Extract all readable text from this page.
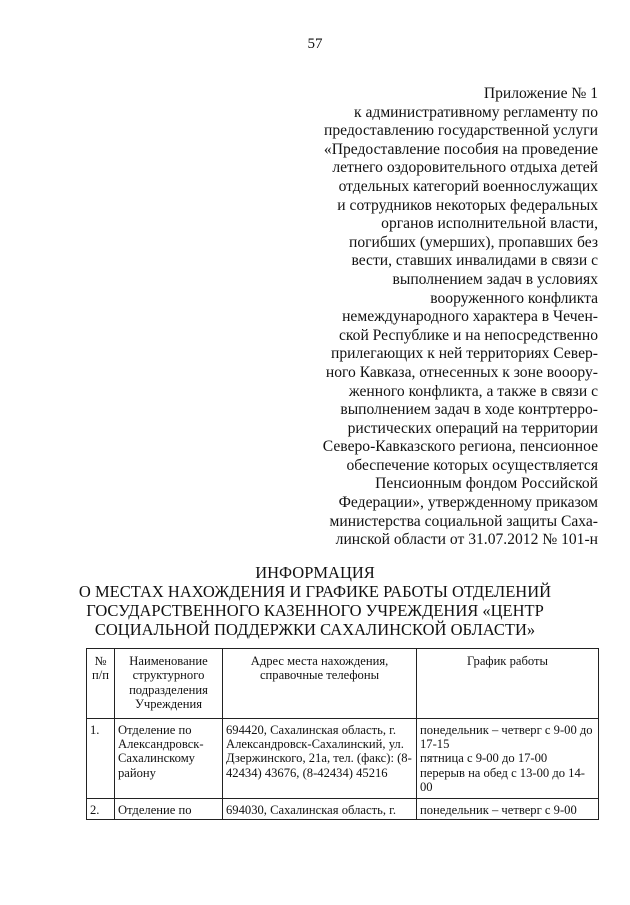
57
Приложение № 1
к административному регламенту по
предоставлению государственной услуги
«Предоставление пособия на проведение
летнего оздоровительного отдыха детей
отдельных категорий военнослужащих
и сотрудников некоторых федеральных
органов исполнительной власти,
погибших (умерших), пропавших без
вести, ставших инвалидами в связи с
выполнением задач в условиях
вооруженного конфликта
немеждународного характера в Чечен-
ской Республике и на непосредственно
прилегающих к ней территориях Север-
ного Кавказа, отнесенных к зоне вооору-
женного конфликта, а также в связи с
выполнением задач в ходе контртерро-
ристических операций на территории
Северо-Кавказского региона, пенсионное
обеспечение которых осуществляется
Пенсионным фондом Российской
Федерации», утвержденному приказом
министерства социальной защиты Саха-
линской области от 31.07.2012 № 101-н
ИНФОРМАЦИЯ
О МЕСТАХ НАХОЖДЕНИЯ И ГРАФИКЕ РАБОТЫ ОТДЕЛЕНИЙ
ГОСУДАРСТВЕННОГО КАЗЕННОГО УЧРЕЖДЕНИЯ «ЦЕНТР
СОЦИАЛЬНОЙ ПОДДЕРЖКИ САХАЛИНСКОЙ ОБЛАСТИ»
№ п/п	Наименование структурного подразделения Учреждения	Адрес места нахождения, справочные телефоны	График работы
1.	Отделение по Александровск-Сахалинскому району	694420, Сахалинская область, г. Александровск-Сахалинский, ул. Дзержинского, 21а, тел. (факс): (8-42434) 43676, (8-42434) 45216	понедельник – четверг с 9-00 до 17-15
пятница с 9-00 до 17-00
перерыв на обед с 13-00 до 14-00

2.	Отделение по	694030, Сахалинская область, г.	понедельник – четверг с 9-00
